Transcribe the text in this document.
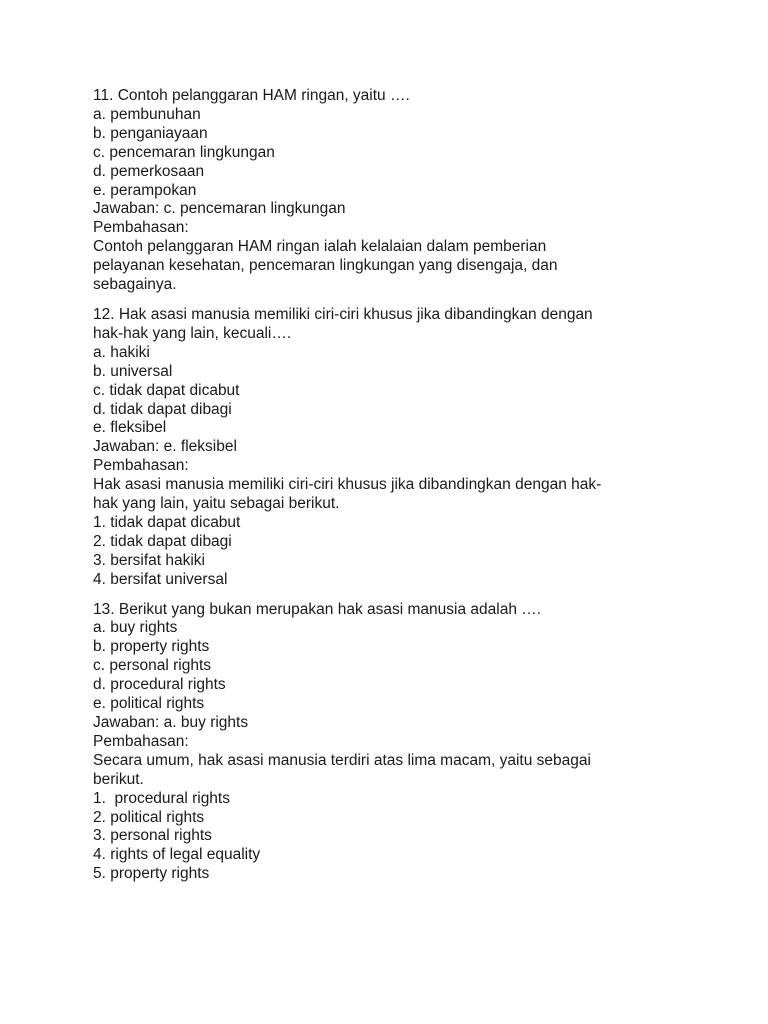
11. Contoh pelanggaran HAM ringan, yaitu ….
a. pembunuhan
b. penganiayaan
c. pencemaran lingkungan
d. pemerkosaan
e. perampokan
Jawaban: c. pencemaran lingkungan
Pembahasan:
Contoh pelanggaran HAM ringan ialah kelalaian dalam pemberian
pelayanan kesehatan, pencemaran lingkungan yang disengaja, dan
sebagainya.
12. Hak asasi manusia memiliki ciri-ciri khusus jika dibandingkan dengan
hak-hak yang lain, kecuali….
a. hakiki
b. universal
c. tidak dapat dicabut
d. tidak dapat dibagi
e. fleksibel
Jawaban: e. fleksibel
Pembahasan:
Hak asasi manusia memiliki ciri-ciri khusus jika dibandingkan dengan hak-
hak yang lain, yaitu sebagai berikut.
1. tidak dapat dicabut
2. tidak dapat dibagi
3. bersifat hakiki
4. bersifat universal
13. Berikut yang bukan merupakan hak asasi manusia adalah ….
a. buy rights
b. property rights
c. personal rights
d. procedural rights
e. political rights
Jawaban: a. buy rights
Pembahasan:
Secara umum, hak asasi manusia terdiri atas lima macam, yaitu sebagai
berikut.
1.  procedural rights
2. political rights
3. personal rights
4. rights of legal equality
5. property rights
